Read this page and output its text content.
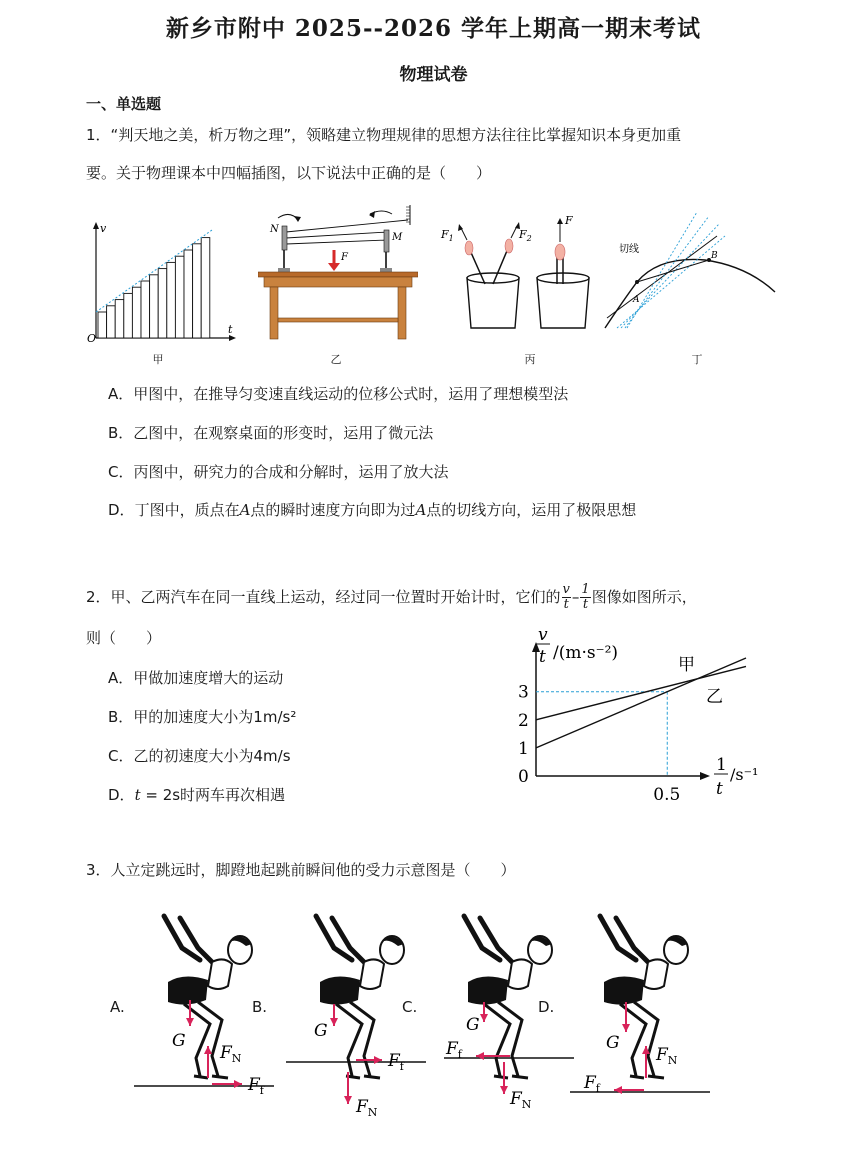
新乡市附中 2025--2026 学年上期高一期末考试
物理试卷
一、单选题
1．“判天地之美，析万物之理”，领略建立物理规律的思想方法往往比掌握知识本身更加重
要。关于物理课本中四幅插图，以下说法中正确的是（　　）
v
t
O
甲
N
M
F
乙
$F_1$	$F_2$
F
丙
切线
A
B
丁
A．甲图中，在推导匀变速直线运动的位移公式时，运用了理想模型法
B．乙图中，在观察桌面的形变时，运用了微元法
C．丙图中，研究力的合成和分解时，运用了放大法
D．丁图中，质点在A点的瞬时速度方向即为过A点的切线方向，运用了极限思想
2．甲、乙两汽车在同一直线上运动，经过同一位置时开始计时，它们的 $\frac{v}{t} - \frac{1}{t}$ 图像如图所示，
则（　　）
A．甲做加速度增大的运动
B．甲的加速度大小为1m/s²
C．乙的初速度大小为4m/s
D．t = 2s时两车再次相遇
甲
乙
0
1
2
3
0.5
v
t /(m·s⁻²)
1
t
/s⁻¹
3．人立定跳远时，脚蹬地起跳前瞬间他的受力示意图是（　　）
A.
G
$F_N$
$F_f$
B.
G
$F_N$
$F_f$
C.
G
$F_N$
$F_f$
D.
G
$F_N$
$F_f$
